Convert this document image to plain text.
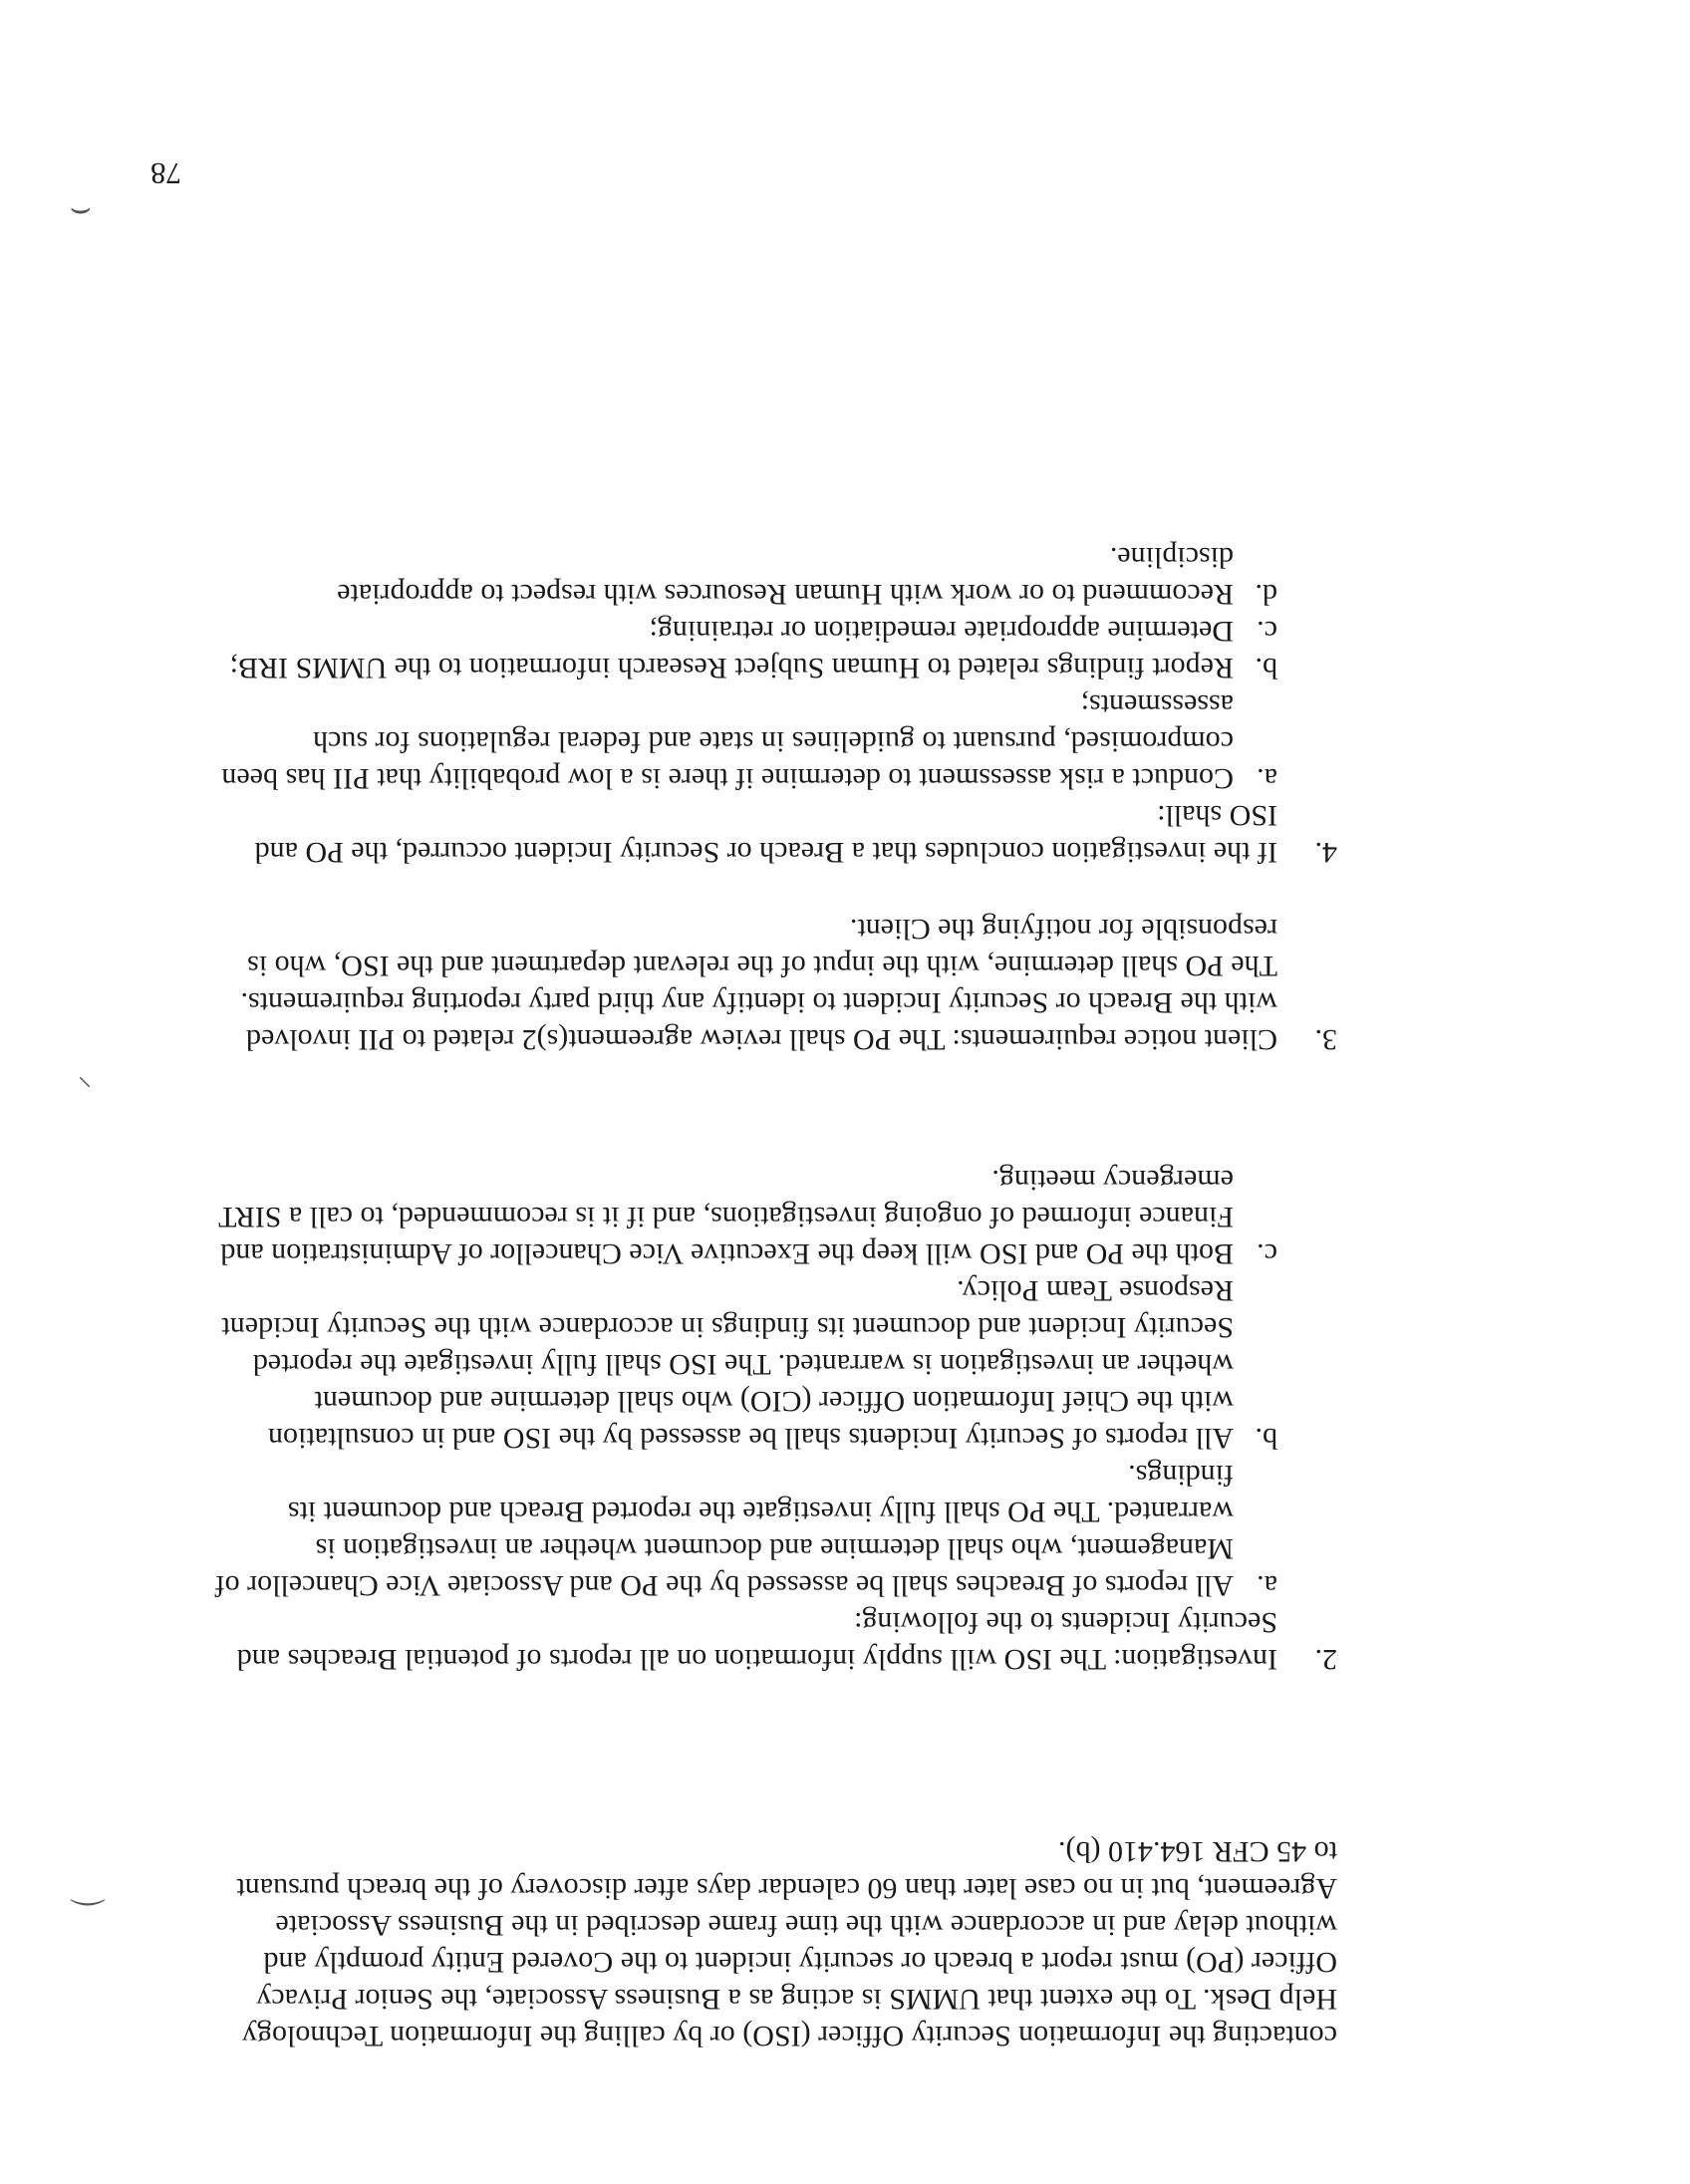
contacting the Information Security Officer (ISO) or by calling the Information Technology Help Desk. To the extent that UMMS is acting as a Business Associate, the Senior Privacy Officer (PO) must report a breach or security incident to the Covered Entity promptly and without delay and in accordance with the time frame described in the Business Associate Agreement, but in no case later than 60 calendar days after discovery of the breach pursuant to 45 CFR 164.410 (b).

2.

Investigation: The ISO will supply information on all reports of potential Breaches and Security Incidents to the following:

a.

All reports of Breaches shall be assessed by the PO and Associate Vice Chancellor of Management, who shall determine and document whether an investigation is warranted. The PO shall fully investigate the reported Breach and document its findings.

b.

All reports of Security Incidents shall be assessed by the ISO and in consultation with the Chief Information Officer (CIO) who shall determine and document whether an investigation is warranted. The ISO shall fully investigate the reported Security Incident and document its findings in accordance with the Security Incident Response Team Policy.

c.

Both the PO and ISO will keep the Executive Vice Chancellor of Administration and Finance informed of ongoing investigations, and if it is recommended, to call a SIRT emergency meeting.

3.

Client notice requirements: The PO shall review agreement(s)2 related to PII involved with the Breach or Security Incident to identify any third party reporting requirements. The PO shall determine, with the input of the relevant department and the ISO, who is responsible for notifying the Client.

4.

If the investigation concludes that a Breach or Security Incident occurred, the PO and ISO shall:

a.

Conduct a risk assessment to determine if there is a low probability that PII has been compromised, pursuant to guidelines in state and federal regulations for such assessments;

b.

Report findings related to Human Subject Research information to the UMMS IRB;

c.

Determine appropriate remediation or retraining;

d.

Recommend to or work with Human Resources with respect to appropriate discipline.

78
⌒
⸜
⌢
